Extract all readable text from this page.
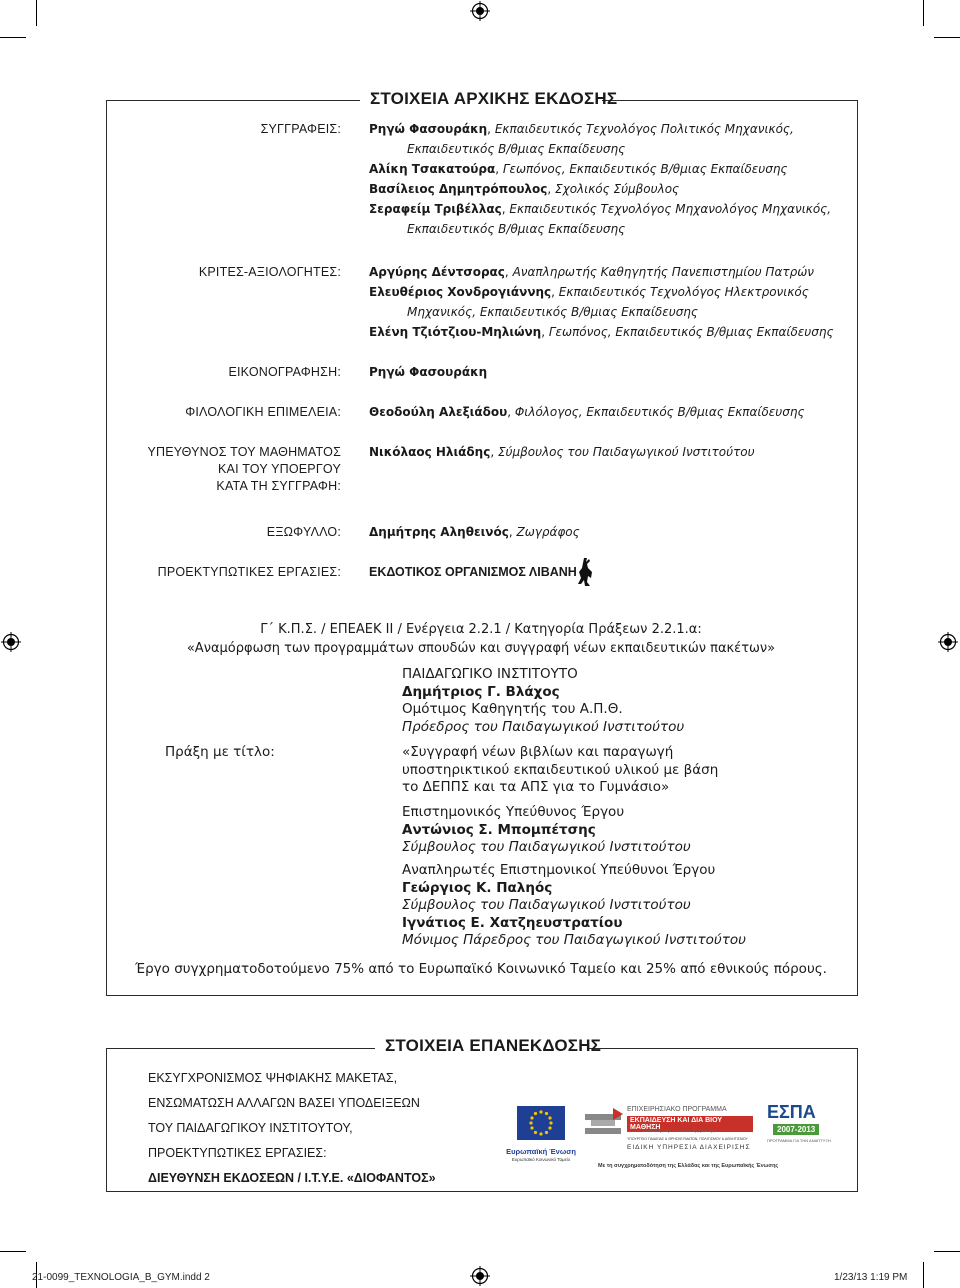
ΣΤΟΙΧΕΙΑ ΑΡΧΙΚΗΣ ΕΚΔΟΣΗΣ
ΣΥΓΓΡΑΦΕΙΣ:
ΚΡΙΤΕΣ-ΑΞΙΟΛΟΓΗΤΕΣ:
ΕΙΚΟΝΟΓΡΑΦΗΣΗ:
ΦΙΛΟΛΟΓΙΚΗ ΕΠΙΜΕΛΕΙΑ:
ΥΠΕΥΘΥΝΟΣ ΤΟΥ ΜΑΘΗΜΑΤΟΣ
ΚΑΙ ΤΟΥ ΥΠΟΕΡΓΟΥ
ΚΑΤΑ ΤΗ ΣΥΓΓΡΑΦΗ:
ΕΞΩΦΥΛΛΟ:
ΠΡΟΕΚΤΥΠΩΤΙΚΕΣ ΕΡΓΑΣΙΕΣ:
Ρηγώ Φασουράκη, Εκπαιδευτικός Τεχνολόγος Πολιτικός Μηχανικός,
Εκπαιδευτικός Β/θμιας Εκπαίδευσης
Αλίκη Τσακατούρα, Γεωπόνος, Εκπαιδευτικός Β/θμιας Εκπαίδευσης
Βασίλειος Δημητρόπουλος, Σχολικός Σύμβουλος
Σεραφείμ Τριβέλλας, Εκπαιδευτικός Τεχνολόγος Μηχανολόγος Μηχανικός,
Εκπαιδευτικός Β/θμιας Εκπαίδευσης
Αργύρης Δέντσορας, Αναπληρωτής Καθηγητής Πανεπιστημίου Πατρών
Ελευθέριος Χονδρογιάννης, Εκπαιδευτικός Τεχνολόγος Ηλεκτρονικός
Μηχανικός, Εκπαιδευτικός Β/θμιας Εκπαίδευσης
Ελένη Τζιότζιου-Μηλιώνη, Γεωπόνος, Εκπαιδευτικός Β/θμιας Εκπαίδευσης
Ρηγώ Φασουράκη
Θεοδούλη Αλεξιάδου, Φιλόλογος, Εκπαιδευτικός Β/θμιας Εκπαίδευσης
Νικόλαος Ηλιάδης, Σύμβουλος του Παιδαγωγικού Ινστιτούτου
Δημήτρης Αληθεινός, Ζωγράφος
ΕΚΔΟΤΙΚΟΣ ΟΡΓΑΝΙΣΜΟΣ ΛΙΒΑΝΗ
Γ΄ Κ.Π.Σ. / ΕΠΕΑΕΚ ΙΙ / Ενέργεια 2.2.1 / Κατηγορία Πράξεων 2.2.1.α:
«Αναμόρφωση των προγραμμάτων σπουδών και συγγραφή νέων εκπαιδευτικών πακέτων»
ΠΑΙΔΑΓΩΓΙΚΟ ΙΝΣΤΙΤΟΥΤΟ
Δημήτριος Γ. Βλάχος
Ομότιμος Καθηγητής του Α.Π.Θ.
Πρόεδρος του Παιδαγωγικού Ινστιτούτου
Πράξη με τίτλο:	«Συγγραφή νέων βιβλίων και παραγωγή
υποστηρικτικού εκπαιδευτικού υλικού με βάση
το ΔΕΠΠΣ και τα ΑΠΣ για το Γυμνάσιο»
Επιστημονικός Υπεύθυνος Έργου
Αντώνιος Σ. Μπομπέτσης
Σύμβουλος του Παιδαγωγικού Ινστιτούτου
Αναπληρωτές Επιστημονικοί Υπεύθυνοι Έργου
Γεώργιος Κ. Παληός
Σύμβουλος του Παιδαγωγικού Ινστιτούτου
Ιγνάτιος Ε. Χατζηευστρατίου
Μόνιμος Πάρεδρος του Παιδαγωγικού Ινστιτούτου
Έργο συγχρηματοδοτούμενο 75% από το Ευρωπαϊκό Κοινωνικό Ταμείο και 25% από εθνικούς πόρους.
ΣΤΟΙΧΕΙΑ ΕΠΑΝΕΚΔΟΣΗΣ
ΕΚΣΥΓΧΡΟΝΙΣΜΟΣ ΨΗΦΙΑΚΗΣ ΜΑΚΕΤΑΣ,
ΕΝΣΩΜΑΤΩΣΗ ΑΛΛΑΓΩΝ ΒΑΣΕΙ ΥΠΟΔΕΙΞΕΩΝ
ΤΟΥ ΠΑΙΔΑΓΩΓΙΚΟΥ ΙΝΣΤΙΤΟΥΤΟΥ,
ΠΡΟΕΚΤΥΠΩΤΙΚΕΣ ΕΡΓΑΣΙΕΣ:
ΔΙΕΥΘΥΝΣΗ ΕΚΔΟΣΕΩΝ / Ι.Τ.Υ.Ε. «ΔΙΟΦΑΝΤΟΣ»
Ευρωπαϊκή Ένωση
Ευρωπαϊκό Κοινωνικό Ταμείο
ΕΠΙΧΕΙΡΗΣΙΑΚΟ ΠΡΟΓΡΑΜΜΑ
ΕΚΠΑΙΔΕΥΣΗ ΚΑΙ ΔΙΑ ΒΙΟΥ ΜΑΘΗΣΗ
επένδυση στην κοινωνία της γνώσης
ΥΠΟΥΡΓΕΙΟ ΠΑΙΔΕΙΑΣ & ΘΡΗΣΚΕΥΜΑΤΩΝ, ΠΟΛΙΤΙΣΜΟΥ & ΑΘΛΗΤΙΣΜΟΥ
ΕΙΔΙΚΗ ΥΠΗΡΕΣΙΑ ΔΙΑΧΕΙΡΙΣΗΣ
ΕΣΠΑ
2007-2013
ΠΡΟΓΡΑΜΜΑ ΓΙΑ ΤΗΝ ΑΝΑΠΤΥΞΗ
Με τη συγχρηματοδότηση της Ελλάδας και της Ευρωπαϊκής Ένωσης
21-0099_TEXNOLOGIA_B_GYM.indd 2	1/23/13 1:19 PM
